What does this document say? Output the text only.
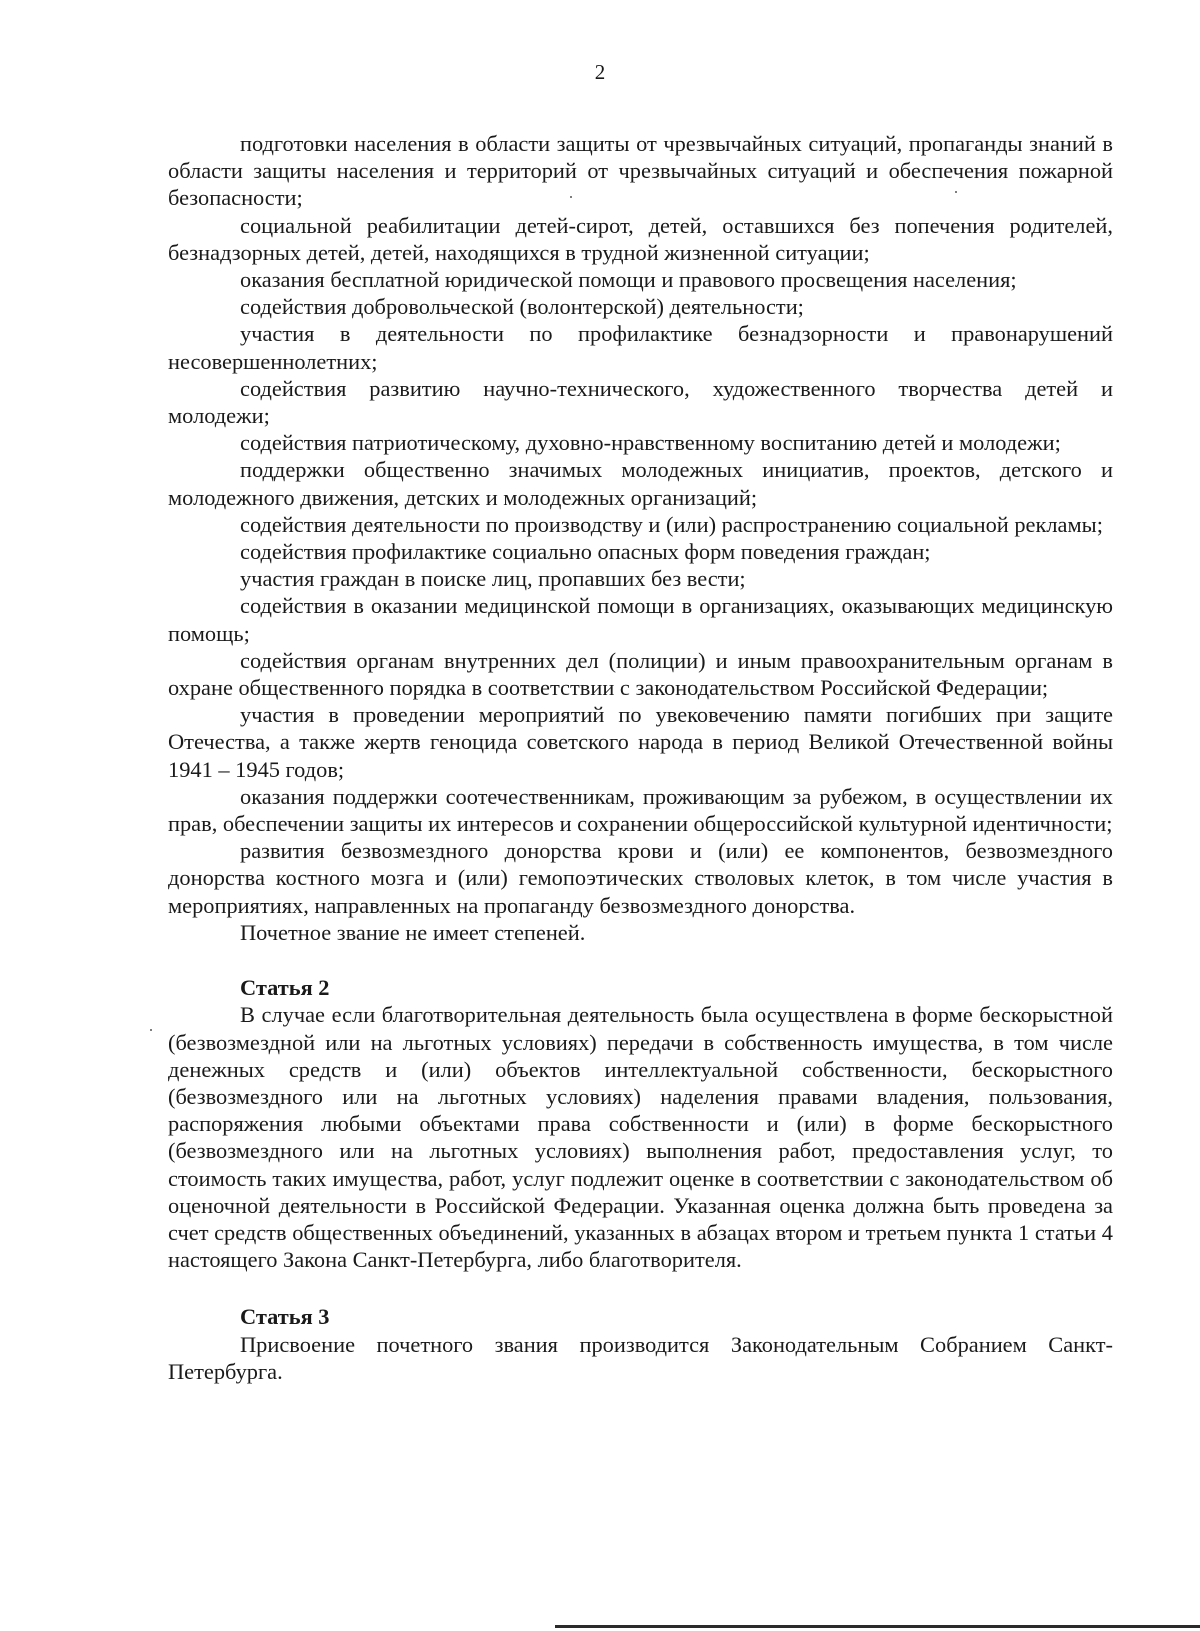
2

подготовки населения в области защиты от чрезвычайных ситуаций, пропаганды знаний в области защиты населения и территорий от чрезвычайных ситуаций и обеспечения пожарной безопасности;

социальной реабилитации детей-сирот, детей, оставшихся без попечения родителей, безнадзорных детей, детей, находящихся в трудной жизненной ситуации;

оказания бесплатной юридической помощи и правового просвещения населения;

содействия добровольческой (волонтерской) деятельности;

участия в деятельности по профилактике безнадзорности и правонарушений несовершеннолетних;

содействия развитию научно-технического, художественного творчества детей и молодежи;

содействия патриотическому, духовно-нравственному воспитанию детей и молодежи;

поддержки общественно значимых молодежных инициатив, проектов, детского и молодежного движения, детских и молодежных организаций;

содействия деятельности по производству и (или) распространению социальной рекламы;

содействия профилактике социально опасных форм поведения граждан;

участия граждан в поиске лиц, пропавших без вести;

содействия в оказании медицинской помощи в организациях, оказывающих медицинскую помощь;

содействия органам внутренних дел (полиции) и иным правоохранительным органам в охране общественного порядка в соответствии с законодательством Российской Федерации;

участия в проведении мероприятий по увековечению памяти погибших при защите Отечества, а также жертв геноцида советского народа в период Великой Отечественной войны 1941 – 1945 годов;

оказания поддержки соотечественникам, проживающим за рубежом, в осуществлении их прав, обеспечении защиты их интересов и сохранении общероссийской культурной идентичности;

развития безвозмездного донорства крови и (или) ее компонентов, безвозмездного донорства костного мозга и (или) гемопоэтических стволовых клеток, в том числе участия в мероприятиях, направленных на пропаганду безвозмездного донорства.

Почетное звание не имеет степеней.

Статья 2

В случае если благотворительная деятельность была осуществлена в форме бескорыстной (безвозмездной или на льготных условиях) передачи в собственность имущества, в том числе денежных средств и (или) объектов интеллектуальной собственности, бескорыстного (безвозмездного или на льготных условиях) наделения правами владения, пользования, распоряжения любыми объектами права собственности и (или) в форме бескорыстного (безвозмездного или на льготных условиях) выполнения работ, предоставления услуг, то стоимость таких имущества, работ, услуг подлежит оценке в соответствии с законодательством об оценочной деятельности в Российской Федерации. Указанная оценка должна быть проведена за счет средств общественных объединений, указанных в абзацах втором и третьем пункта 1 статьи 4 настоящего Закона Санкт-Петербурга, либо благотворителя.

Статья 3

Присвоение почетного звания производится Законодательным Собранием Санкт-Петербурга.
